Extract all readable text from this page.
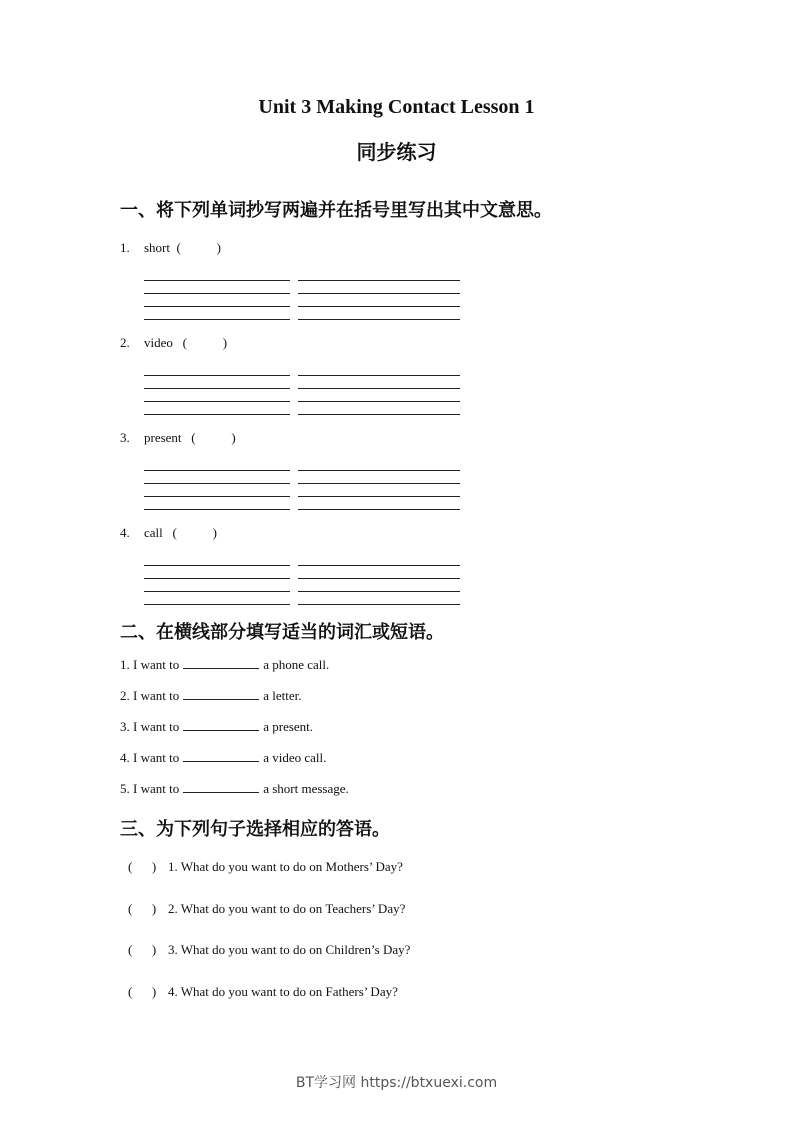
Unit 3 Making Contact Lesson 1
同步练习
一、将下列单词抄写两遍并在括号里写出其中文意思。
1. short  (           )
2. video   (           )
3. present   (           )
4. call   (           )
二、在横线部分填写适当的词汇或短语。
1. I want to	a phone call.
2. I want to	a letter.
3. I want to	a present.
4. I want to	a video call.
5. I want to	a short message.
三、为下列句子选择相应的答语。
(      ) 1. What do you want to do on Mothers’ Day?
(      ) 2. What do you want to do on Teachers’ Day?
(      ) 3. What do you want to do on Children’s Day?
(      ) 4. What do you want to do on Fathers’ Day?
BT学习网 https://btxuexi.com
